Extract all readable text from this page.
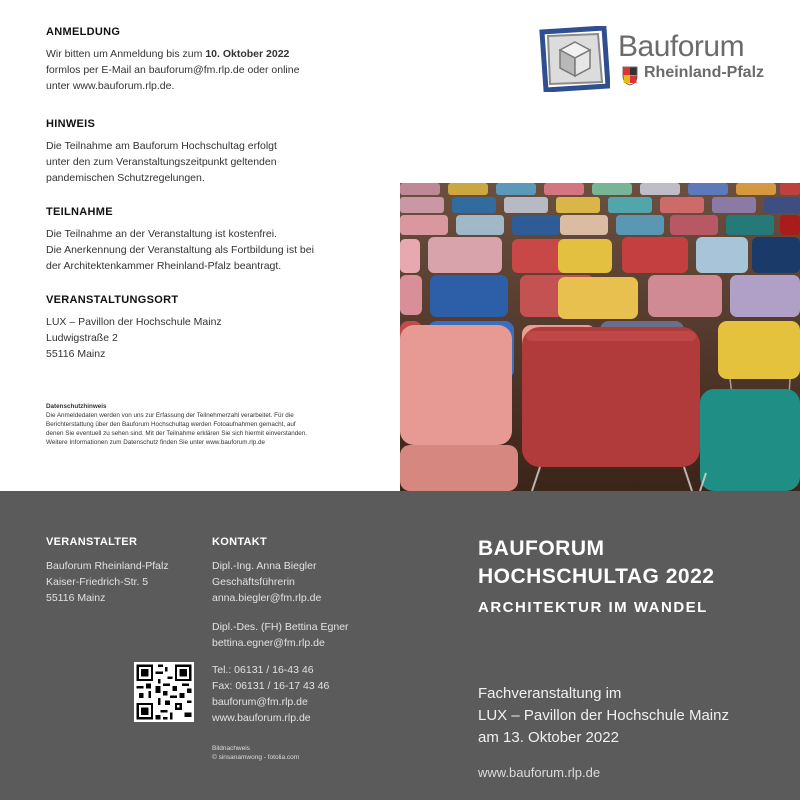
ANMELDUNG

Wir bitten um Anmeldung bis zum 10. Oktober 2022
formlos per E-Mail an bauforum@fm.rlp.de oder online
unter www.bauforum.rlp.de.

HINWEIS

Die Teilnahme am Bauforum Hochschultag erfolgt
unter den zum Veranstaltungszeitpunkt geltenden
pandemischen Schutzregelungen.

TEILNAHME

Die Teilnahme an der Veranstaltung ist kostenfrei.
Die Anerkennung der Veranstaltung als Fortbildung ist bei
der Architektenkammer Rheinland-Pfalz beantragt.

VERANSTALTUNGSORT

LUX – Pavillon der Hochschule Mainz
Ludwigstraße 2
55116 Mainz

Datenschutzhinweis
Die Anmeldedaten werden von uns zur Erfassung der Teilnehmerzahl verarbeitet. Für die
Berichterstattung über den Bauforum Hochschultag werden Fotoaufnahmen gemacht, auf
denen Sie eventuell zu sehen sind. Mit der Teilnahme erklären Sie sich hiermit einverstanden.
Weitere Informationen zum Datenschutz finden Sie unter www.bauforum.rlp.de
Bauforum
Rheinland-Pfalz
VERANSTALTER
Bauforum Rheinland-Pfalz
Kaiser-Friedrich-Str. 5
55116 Mainz
KONTAKT
Dipl.-Ing. Anna Biegler
Geschäftsführerin
anna.biegler@fm.rlp.de
Dipl.-Des. (FH) Bettina Egner
bettina.egner@fm.rlp.de
Tel.: 06131 / 16-43 46
Fax: 06131 / 16-17 43 46
bauforum@fm.rlp.de
www.bauforum.rlp.de
Bildnachweis
© sinsanamwong - fotolia.com
BAUFORUM
HOCHSCHULTAG 2022
ARCHITEKTUR IM WANDEL
Fachveranstaltung im
LUX – Pavillon der Hochschule Mainz
am 13. Oktober 2022
www.bauforum.rlp.de
